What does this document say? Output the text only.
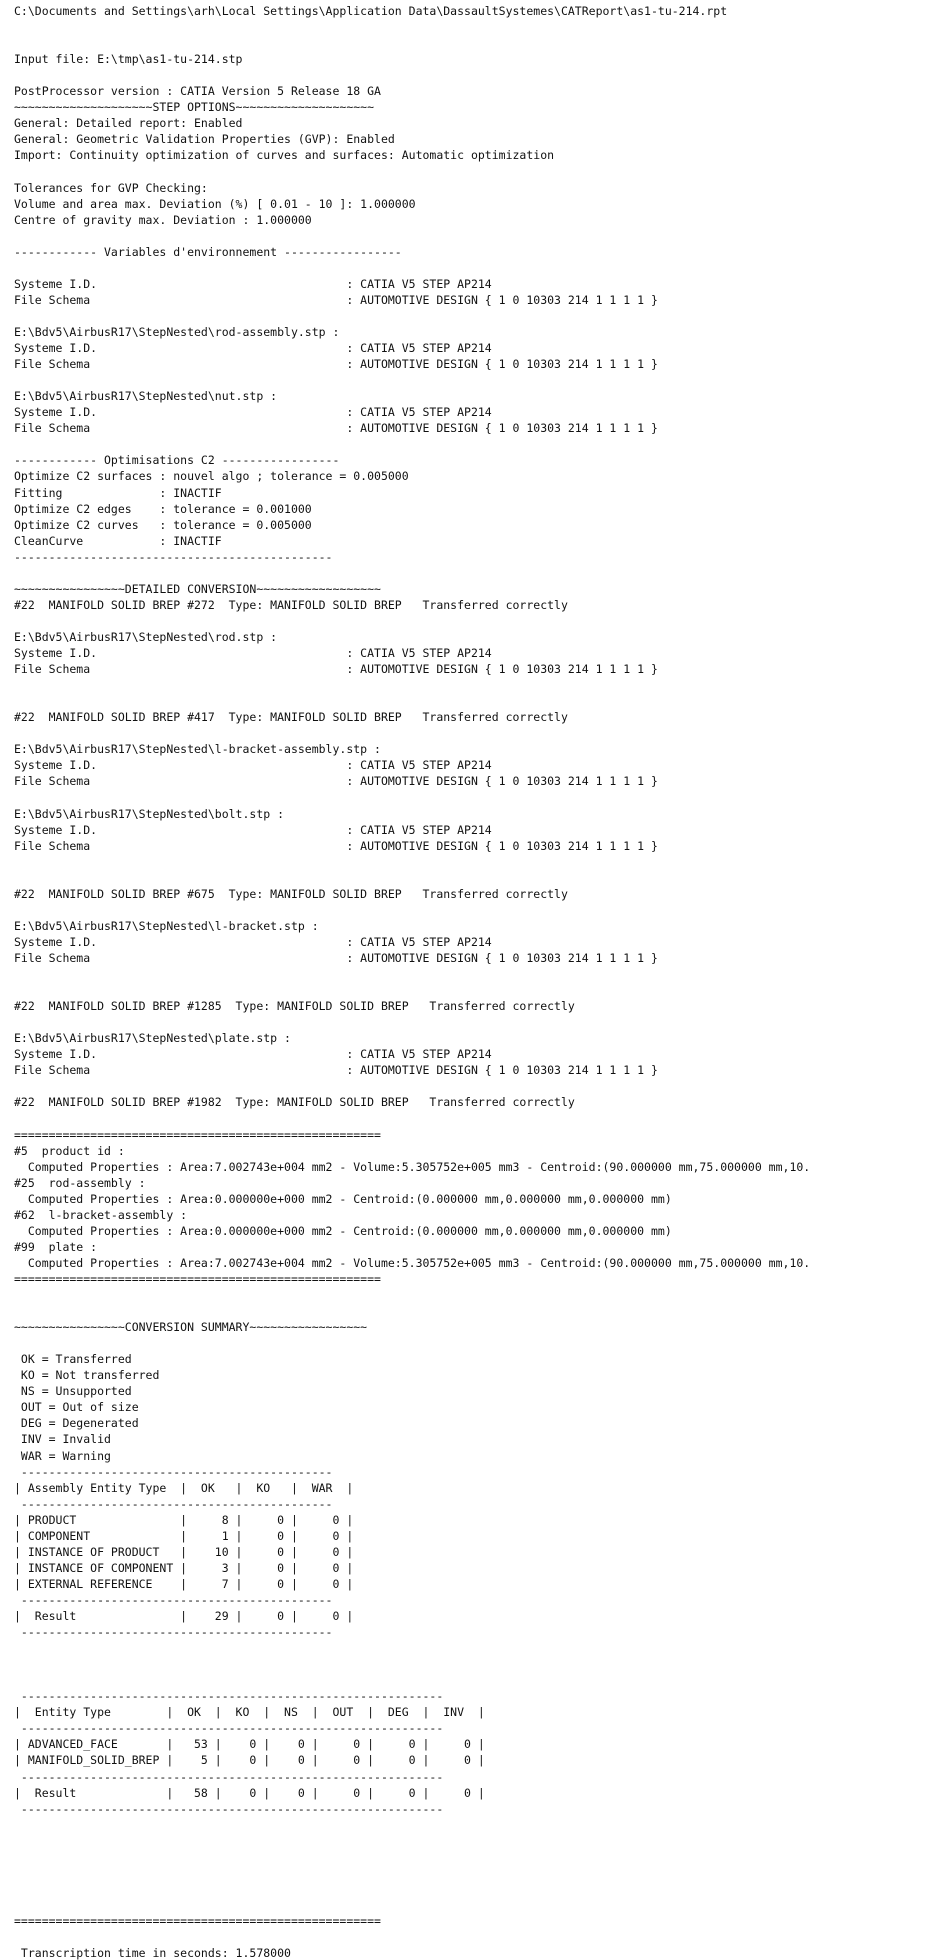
C:\Documents and Settings\arh\Local Settings\Application Data\DassaultSystemes\CATReport\as1-tu-214.rpt
Input file: E:\tmp\as1-tu-214.stp
PostProcessor version : CATIA Version 5 Release 18 GA
~~~~~~~~~~~~~~~~~~~~STEP OPTIONS~~~~~~~~~~~~~~~~~~~~
General: Detailed report: Enabled
General: Geometric Validation Properties (GVP): Enabled
Import: Continuity optimization of curves and surfaces: Automatic optimization
Tolerances for GVP Checking:
Volume and area max. Deviation (%) [ 0.01 - 10 ]: 1.000000
Centre of gravity max. Deviation : 1.000000
------------ Variables d'environnement -----------------
Systeme I.D.                                    : CATIA V5 STEP AP214
File Schema                                     : AUTOMOTIVE DESIGN { 1 0 10303 214 1 1 1 1 }
E:\Bdv5\AirbusR17\StepNested\rod-assembly.stp :
Systeme I.D.                                    : CATIA V5 STEP AP214
File Schema                                     : AUTOMOTIVE DESIGN { 1 0 10303 214 1 1 1 1 }
E:\Bdv5\AirbusR17\StepNested\nut.stp :
Systeme I.D.                                    : CATIA V5 STEP AP214
File Schema                                     : AUTOMOTIVE DESIGN { 1 0 10303 214 1 1 1 1 }
------------ Optimisations C2 -----------------
Optimize C2 surfaces : nouvel algo ; tolerance = 0.005000
Fitting              : INACTIF
Optimize C2 edges    : tolerance = 0.001000
Optimize C2 curves   : tolerance = 0.005000
CleanCurve           : INACTIF
----------------------------------------------
~~~~~~~~~~~~~~~~DETAILED CONVERSION~~~~~~~~~~~~~~~~~~
#22  MANIFOLD SOLID BREP #272  Type: MANIFOLD SOLID BREP   Transferred correctly
E:\Bdv5\AirbusR17\StepNested\rod.stp :
Systeme I.D.                                    : CATIA V5 STEP AP214
File Schema                                     : AUTOMOTIVE DESIGN { 1 0 10303 214 1 1 1 1 }
#22  MANIFOLD SOLID BREP #417  Type: MANIFOLD SOLID BREP   Transferred correctly
E:\Bdv5\AirbusR17\StepNested\l-bracket-assembly.stp :
Systeme I.D.                                    : CATIA V5 STEP AP214
File Schema                                     : AUTOMOTIVE DESIGN { 1 0 10303 214 1 1 1 1 }
E:\Bdv5\AirbusR17\StepNested\bolt.stp :
Systeme I.D.                                    : CATIA V5 STEP AP214
File Schema                                     : AUTOMOTIVE DESIGN { 1 0 10303 214 1 1 1 1 }
#22  MANIFOLD SOLID BREP #675  Type: MANIFOLD SOLID BREP   Transferred correctly
E:\Bdv5\AirbusR17\StepNested\l-bracket.stp :
Systeme I.D.                                    : CATIA V5 STEP AP214
File Schema                                     : AUTOMOTIVE DESIGN { 1 0 10303 214 1 1 1 1 }
#22  MANIFOLD SOLID BREP #1285  Type: MANIFOLD SOLID BREP   Transferred correctly
E:\Bdv5\AirbusR17\StepNested\plate.stp :
Systeme I.D.                                    : CATIA V5 STEP AP214
File Schema                                     : AUTOMOTIVE DESIGN { 1 0 10303 214 1 1 1 1 }
#22  MANIFOLD SOLID BREP #1982  Type: MANIFOLD SOLID BREP   Transferred correctly
=====================================================
#5  product id :
Computed Properties : Area:7.002743e+004 mm2 - Volume:5.305752e+005 mm3 - Centroid:(90.000000 mm,75.000000 mm,10.
#25  rod-assembly :
Computed Properties : Area:0.000000e+000 mm2 - Centroid:(0.000000 mm,0.000000 mm,0.000000 mm)
#62  l-bracket-assembly :
Computed Properties : Area:0.000000e+000 mm2 - Centroid:(0.000000 mm,0.000000 mm,0.000000 mm)
#99  plate :
Computed Properties : Area:7.002743e+004 mm2 - Volume:5.305752e+005 mm3 - Centroid:(90.000000 mm,75.000000 mm,10.
=====================================================
~~~~~~~~~~~~~~~~CONVERSION SUMMARY~~~~~~~~~~~~~~~~~
OK = Transferred
KO = Not transferred
NS = Unsupported
OUT = Out of size
DEG = Degenerated
INV = Invalid
WAR = Warning
---------------------------------------------
| Assembly Entity Type  |  OK   |  KO   |  WAR  |
---------------------------------------------
| PRODUCT               |     8 |     0 |     0 |
| COMPONENT             |     1 |     0 |     0 |
| INSTANCE OF PRODUCT   |    10 |     0 |     0 |
| INSTANCE OF COMPONENT |     3 |     0 |     0 |
| EXTERNAL REFERENCE    |     7 |     0 |     0 |
---------------------------------------------
|  Result               |    29 |     0 |     0 |
---------------------------------------------
-------------------------------------------------------------
|  Entity Type        |  OK  |  KO  |  NS  |  OUT  |  DEG  |  INV  |
-------------------------------------------------------------
| ADVANCED_FACE       |   53 |    0 |    0 |     0 |     0 |     0 |
| MANIFOLD_SOLID_BREP |    5 |    0 |    0 |     0 |     0 |     0 |
-------------------------------------------------------------
|  Result             |   58 |    0 |    0 |     0 |     0 |     0 |
-------------------------------------------------------------
=====================================================
Transcription time in seconds: 1.578000
